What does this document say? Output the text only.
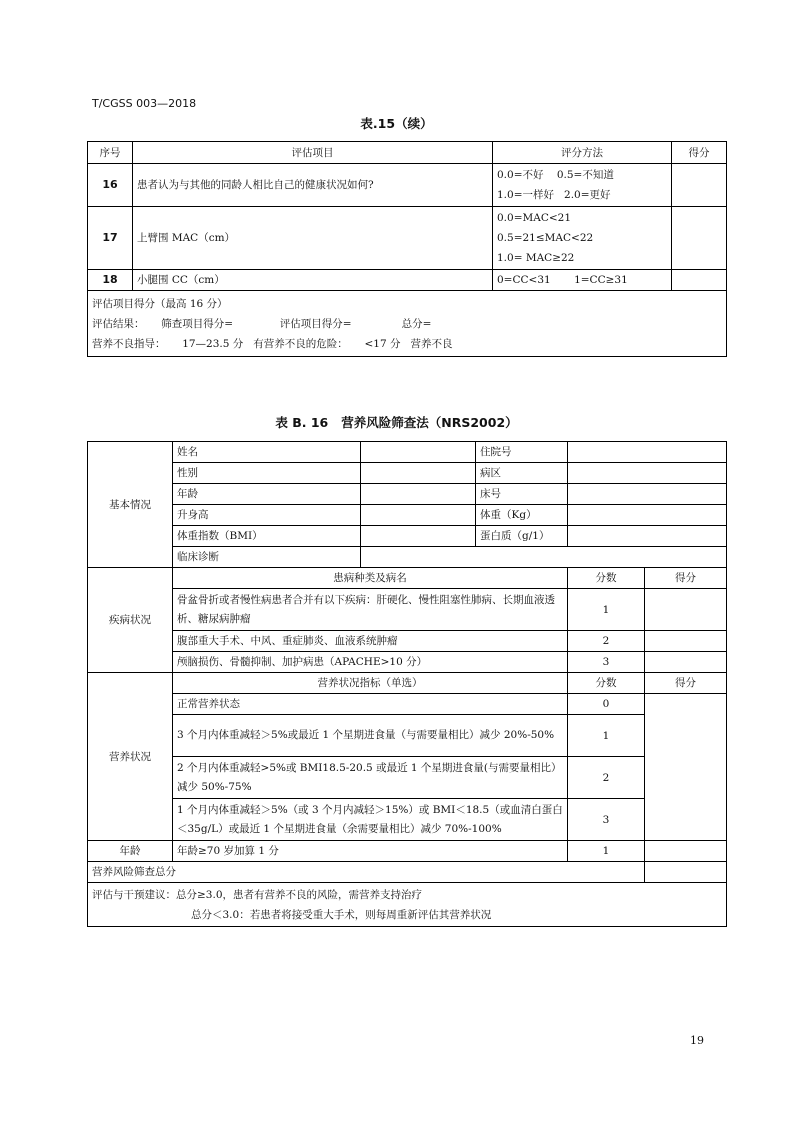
T/CGSS 003—2018
表.15（续）
序号	评估项目	评分方法	得分
16	患者认为与其他的同龄人相比自己的健康状况如何?	0.0=不好    0.5=不知道
1.0=一样好   2.0=更好	

17	上臂围 MAC（cm）	0.0=MAC<21
0.5=21≤MAC<22
1.0= MAC≥22	

18	小腿围 CC（cm）	0=CC<31       1=CC≥31	

评估项目得分（最高 16 分）
评估结果：     筛查项目得分=              评估项目得分=               总分=
营养不良指导：     17—23.5 分   有营养不良的危险：     <17 分   营养不良			
表 B. 16   营养风险筛查法（NRS2002）
基本情况	姓名		住院号		
	性别		病区		
	年龄		床号		
	升身高		体重（Kg）		
	体重指数（BMI）		蛋白质（g/1）		
	临床诊断				
疾病状况	患病种类及病名			分数	得分
	骨盆骨折或者慢性病患者合并有以下疾病：肝硬化、慢性阻塞性肺病、长期血液透析、糖尿病肿瘤			1	
	腹部重大手术、中风、重症肺炎、血液系统肿瘤			2	
	颅脑损伤、骨髓抑制、加护病患（APACHE>10 分）			3	
营养状况	营养状况指标（单选）			分数	得分
	正常营养状态			0	
	3 个月内体重减轻＞5%或最近 1 个星期进食量（与需要量相比）减少 20%-50%			1	
	2 个月内体重减轻>5%或 BMI18.5-20.5 或最近 1 个星期进食量(与需要量相比）减少 50%-75%			2	
	1 个月内体重减轻＞5%（或 3 个月内减轻＞15%）或 BMI＜18.5（或血清白蛋白＜35g/L）或最近 1 个星期进食量（余需要量相比）减少 70%-100%			3	
年龄	年龄≥70 岁加算 1 分			1	
营养风险筛查总分					

评估与干预建议：总分≥3.0，患者有营养不良的风险，需营养支持治疗
总分＜3.0：若患者将接受重大手术，则每周重新评估其营养状况					
19
